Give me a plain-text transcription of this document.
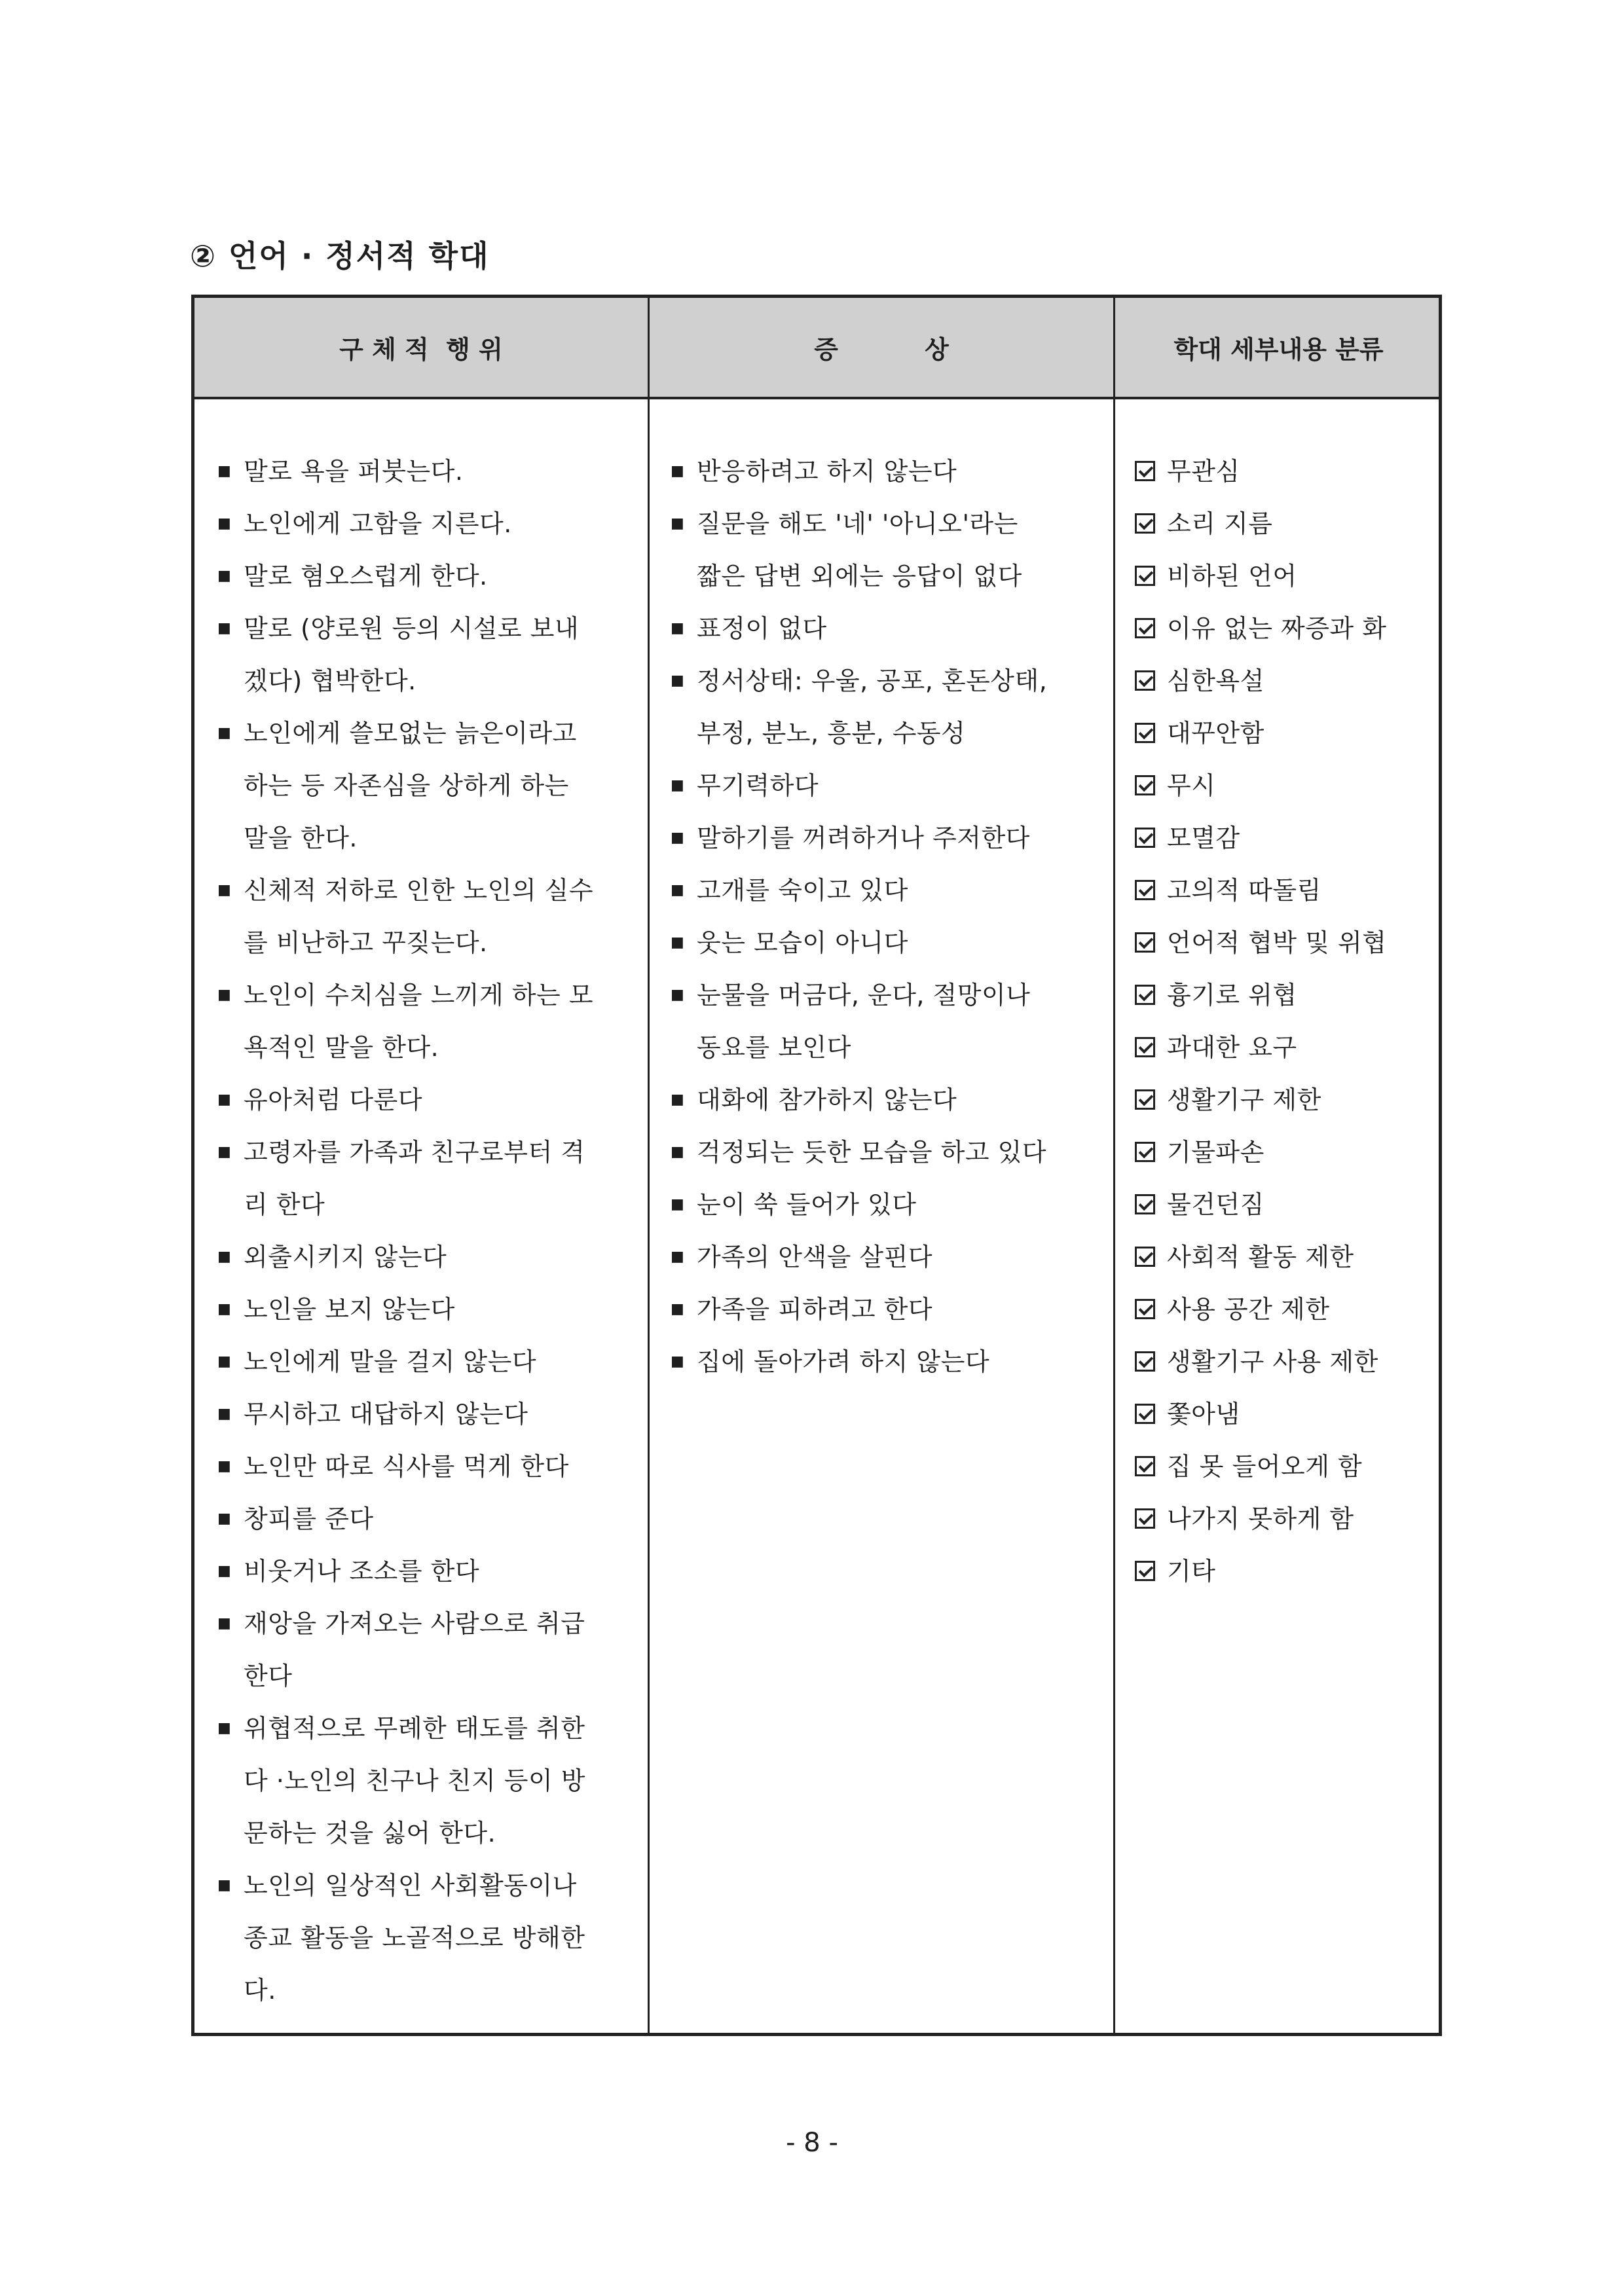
② 언어 · 정서적 학대
구 체 적  행 위	증          상	학대 세부내용 분류
■ 말로 욕을 퍼붓는다.
■ 노인에게 고함을 지른다.
■ 말로 혐오스럽게 한다.
■ 말로 (양로원 등의 시설로 보내
겠다) 협박한다.
■ 노인에게 쓸모없는 늙은이라고
하는 등 자존심을 상하게 하는
말을 한다.
■ 신체적 저하로 인한 노인의 실수
를 비난하고 꾸짖는다.
■ 노인이 수치심을 느끼게 하는 모
욕적인 말을 한다.
■ 유아처럼 다룬다
■ 고령자를 가족과 친구로부터 격
리 한다
■ 외출시키지 않는다
■ 노인을 보지 않는다
■ 노인에게 말을 걸지 않는다
■ 무시하고 대답하지 않는다
■ 노인만 따로 식사를 먹게 한다
■ 창피를 준다
■ 비웃거나 조소를 한다
■ 재앙을 가져오는 사람으로 취급
한다
■ 위협적으로 무례한 태도를 취한
다 ·노인의 친구나 친지 등이 방
문하는 것을 싫어 한다.
■ 노인의 일상적인 사회활동이나
종교 활동을 노골적으로 방해한
다.
■ 반응하려고 하지 않는다
■ 질문을 해도 '네' '아니오'라는
짧은 답변 외에는 응답이 없다
■ 표정이 없다
■ 정서상태: 우울, 공포, 혼돈상태,
부정, 분노, 흥분, 수동성
■ 무기력하다
■ 말하기를 꺼려하거나 주저한다
■ 고개를 숙이고 있다
■ 웃는 모습이 아니다
■ 눈물을 머금다, 운다, 절망이나
동요를 보인다
■ 대화에 참가하지 않는다
■ 걱정되는 듯한 모습을 하고 있다
■ 눈이 쑥 들어가 있다
■ 가족의 안색을 살핀다
■ 가족을 피하려고 한다
■ 집에 돌아가려 하지 않는다
무관심
소리 지름
비하된 언어
이유 없는 짜증과 화
심한욕설
대꾸안함
무시
모멸감
고의적 따돌림
언어적 협박 및 위협
흉기로 위협
과대한 요구
생활기구 제한
기물파손
물건던짐
사회적 활동 제한
사용 공간 제한
생활기구 사용 제한
쫓아냄
집 못 들어오게 함
나가지 못하게 함
기타
- 8 -
